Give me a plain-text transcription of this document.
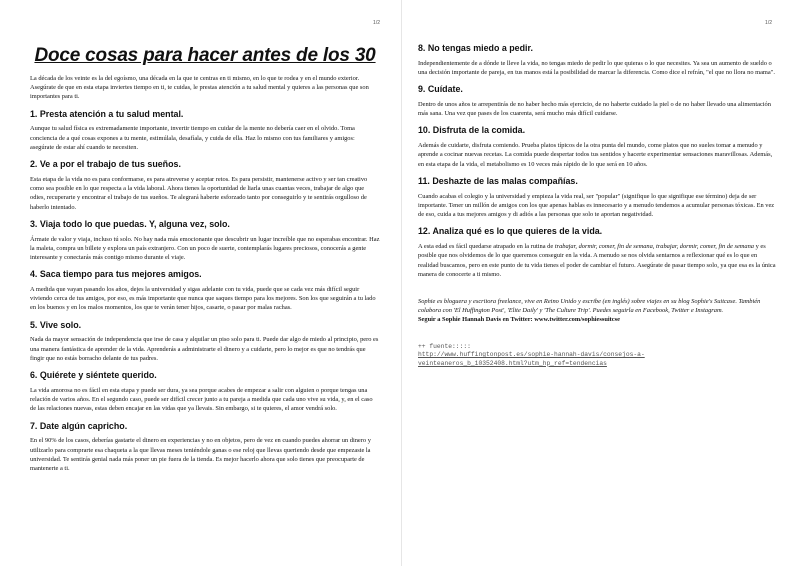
1/2
Doce cosas para hacer antes de los 30

La década de los veinte es la del egoísmo, una década en la que te centras en ti mismo, en lo que te rodea y en el mundo exterior. Asegúrate de que en esta etapa inviertes tiempo en ti, te cuidas, le prestas atención a tu salud mental y quieres a las personas que son importantes para ti.

1. Presta atención a tu salud mental.

Aunque tu salud física es extremadamente importante, invertir tiempo en cuidar de la mente no debería caer en el olvido. Toma conciencia de a qué cosas expones a tu mente, estimúlala, desafíala, y cuida de ella. Haz lo mismo con tus familiares y amigos: asegúrate de estar ahí cuando te necesiten.

2. Ve a por el trabajo de tus sueños.

Esta etapa de la vida no es para conformarse, es para atreverse y aceptar retos. Es para persistir, mantenerse activo y ser tan creativo como sea posible en lo que respecta a la vida laboral. Ahora tienes la oportunidad de liarla unas cuantas veces, trabajar de algo que odies, recuperarte y encontrar el trabajo de tus sueños. Te alegrará haberte esforzado tanto por conseguirlo y te sentirás orgulloso de haberlo intentado.

3. Viaja todo lo que puedas. Y, alguna vez, solo.

Ármate de valor y viaja, incluso tú solo. No hay nada más emocionante que descubrir un lugar increíble que no esperabas encontrar. Haz la maleta, compra un billete y explora un país extranjero. Con un poco de suerte, contemplarás lugares preciosos, conocerás a gente interesante y conectarás más contigo mismo durante el viaje.

4. Saca tiempo para tus mejores amigos.

A medida que vayan pasando los años, dejes la universidad y sigas adelante con tu vida, puede que se cada vez más difícil seguir viviendo cerca de tus amigos, por eso, es más importante que nunca que saques tiempo para los mejores. Son los que seguirán a tu lado en los buenos y en los malos momentos, los que te verán tener hijos, casarte, o pasar por malas rachas.

5. Vive solo.

Nada da mayor sensación de independencia que irse de casa y alquilar un piso solo para ti. Puede dar algo de miedo al principio, pero es una manera fantástica de aprender de la vida. Aprenderás a administrarte el dinero y a cuidarte, pero lo mejor es que no tendrás que fingir que no estás borracho delante de tus padres.

6. Quiérete y siéntete querido.

La vida amorosa no es fácil en esta etapa y puede ser dura, ya sea porque acabes de empezar a salir con alguien o porque tengas una relación de varios años. En el segundo caso, puede ser difícil crecer junto a tu pareja a medida que cada uno vive su vida, y, en el caso de las relaciones nuevas, estas deben encajar en las vidas que ya llevais. Sin embargo, si te quieres, el amor vendrá solo.

7. Date algún capricho.

En el 90% de los casos, deberías gastarte el dinero en experiencias y no en objetos, pero de vez en cuando puedes ahorrar un dinero y utilizarlo para comprarte esa chaqueta a la que llevas meses teniéndole ganas o ese reloj que llevas queriendo desde que empezaste la universidad. Te sentirás genial nada más poner un pie fuera de la tienda. Es mejor hacerlo ahora que solo tienes que preocuparte de mantenerte a ti.

1/2
8. No tengas miedo a pedir.

Independientemente de a dónde te lleve la vida, no tengas miedo de pedir lo que quieras o lo que necesites. Ya sea un aumento de sueldo o una decisión importante de pareja, en tus manos está la posibilidad de marcar la diferencia. Como dice el refrán, "el que no llora no mama".

9. Cuídate.

Dentro de unos años te arrepentirás de no haber hecho más ejercicio, de no haberte cuidado la piel o de no haber llevado una alimentación más sana. Una vez que pases de los cuarenta, será mucho más difícil cuidarse.

10. Disfruta de la comida.

Además de cuidarte, disfruta comiendo. Prueba platos típicos de la otra punta del mundo, come platos que no sueles tomar a menudo y aprende a cocinar nuevas recetas. La comida puede despertar todos tus sentidos y hacerte experimentar sensaciones maravillosas. Además, en esta etapa de la vida, el metabolismo es 10 veces más rápido de lo que será en 10 años.

11. Deshazte de las malas compañías.

Cuando acabas el colegio y la universidad y empieza la vida real, ser "popular" (signifique lo que signifique ese término) deja de ser importante. Tener un millón de amigos con los que apenas hablas es innecesario y a menudo tendemos a acumular personas tóxicas. En vez de eso, cuida a tus mejores amigos y di adiós a las personas que solo te aportan negatividad.

12. Analiza qué es lo que quieres de la vida.

A esta edad es fácil quedarse atrapado en la rutina de trabajar, dormir, comer, fin de semana, trabajar, dormir, comer, fin de semana y es posible que nos olvidemos de lo que queremos conseguir en la vida. A menudo se nos olvida sentarnos a reflexionar qué es lo que en realidad buscamos, pero en este punto de tu vida tienes el poder de cambiar el futuro. Asegúrate de pasar tiempo solo, ya que esa es la única manera de conocerte a ti mismo.

Sophie es bloguera y escritora freelance, vive en Reino Unido y escribe (en inglés) sobre viajes en su blog Sophie's Suitcase. También colabora con 'El Huffington Post', 'Elite Daily' y 'The Culture Trip'. Puedes seguirla en Facebook, Twitter e Instagram.

Seguir a Sophie Hannah Davis en Twitter: www.twitter.com/sophiessuitcse

++ fuente:::::
http://www.huffingtonpost.es/sophie-hannah-davis/consejos-a-
veinteaneros_b_10352408.html?utm_hp_ref=tendencias
